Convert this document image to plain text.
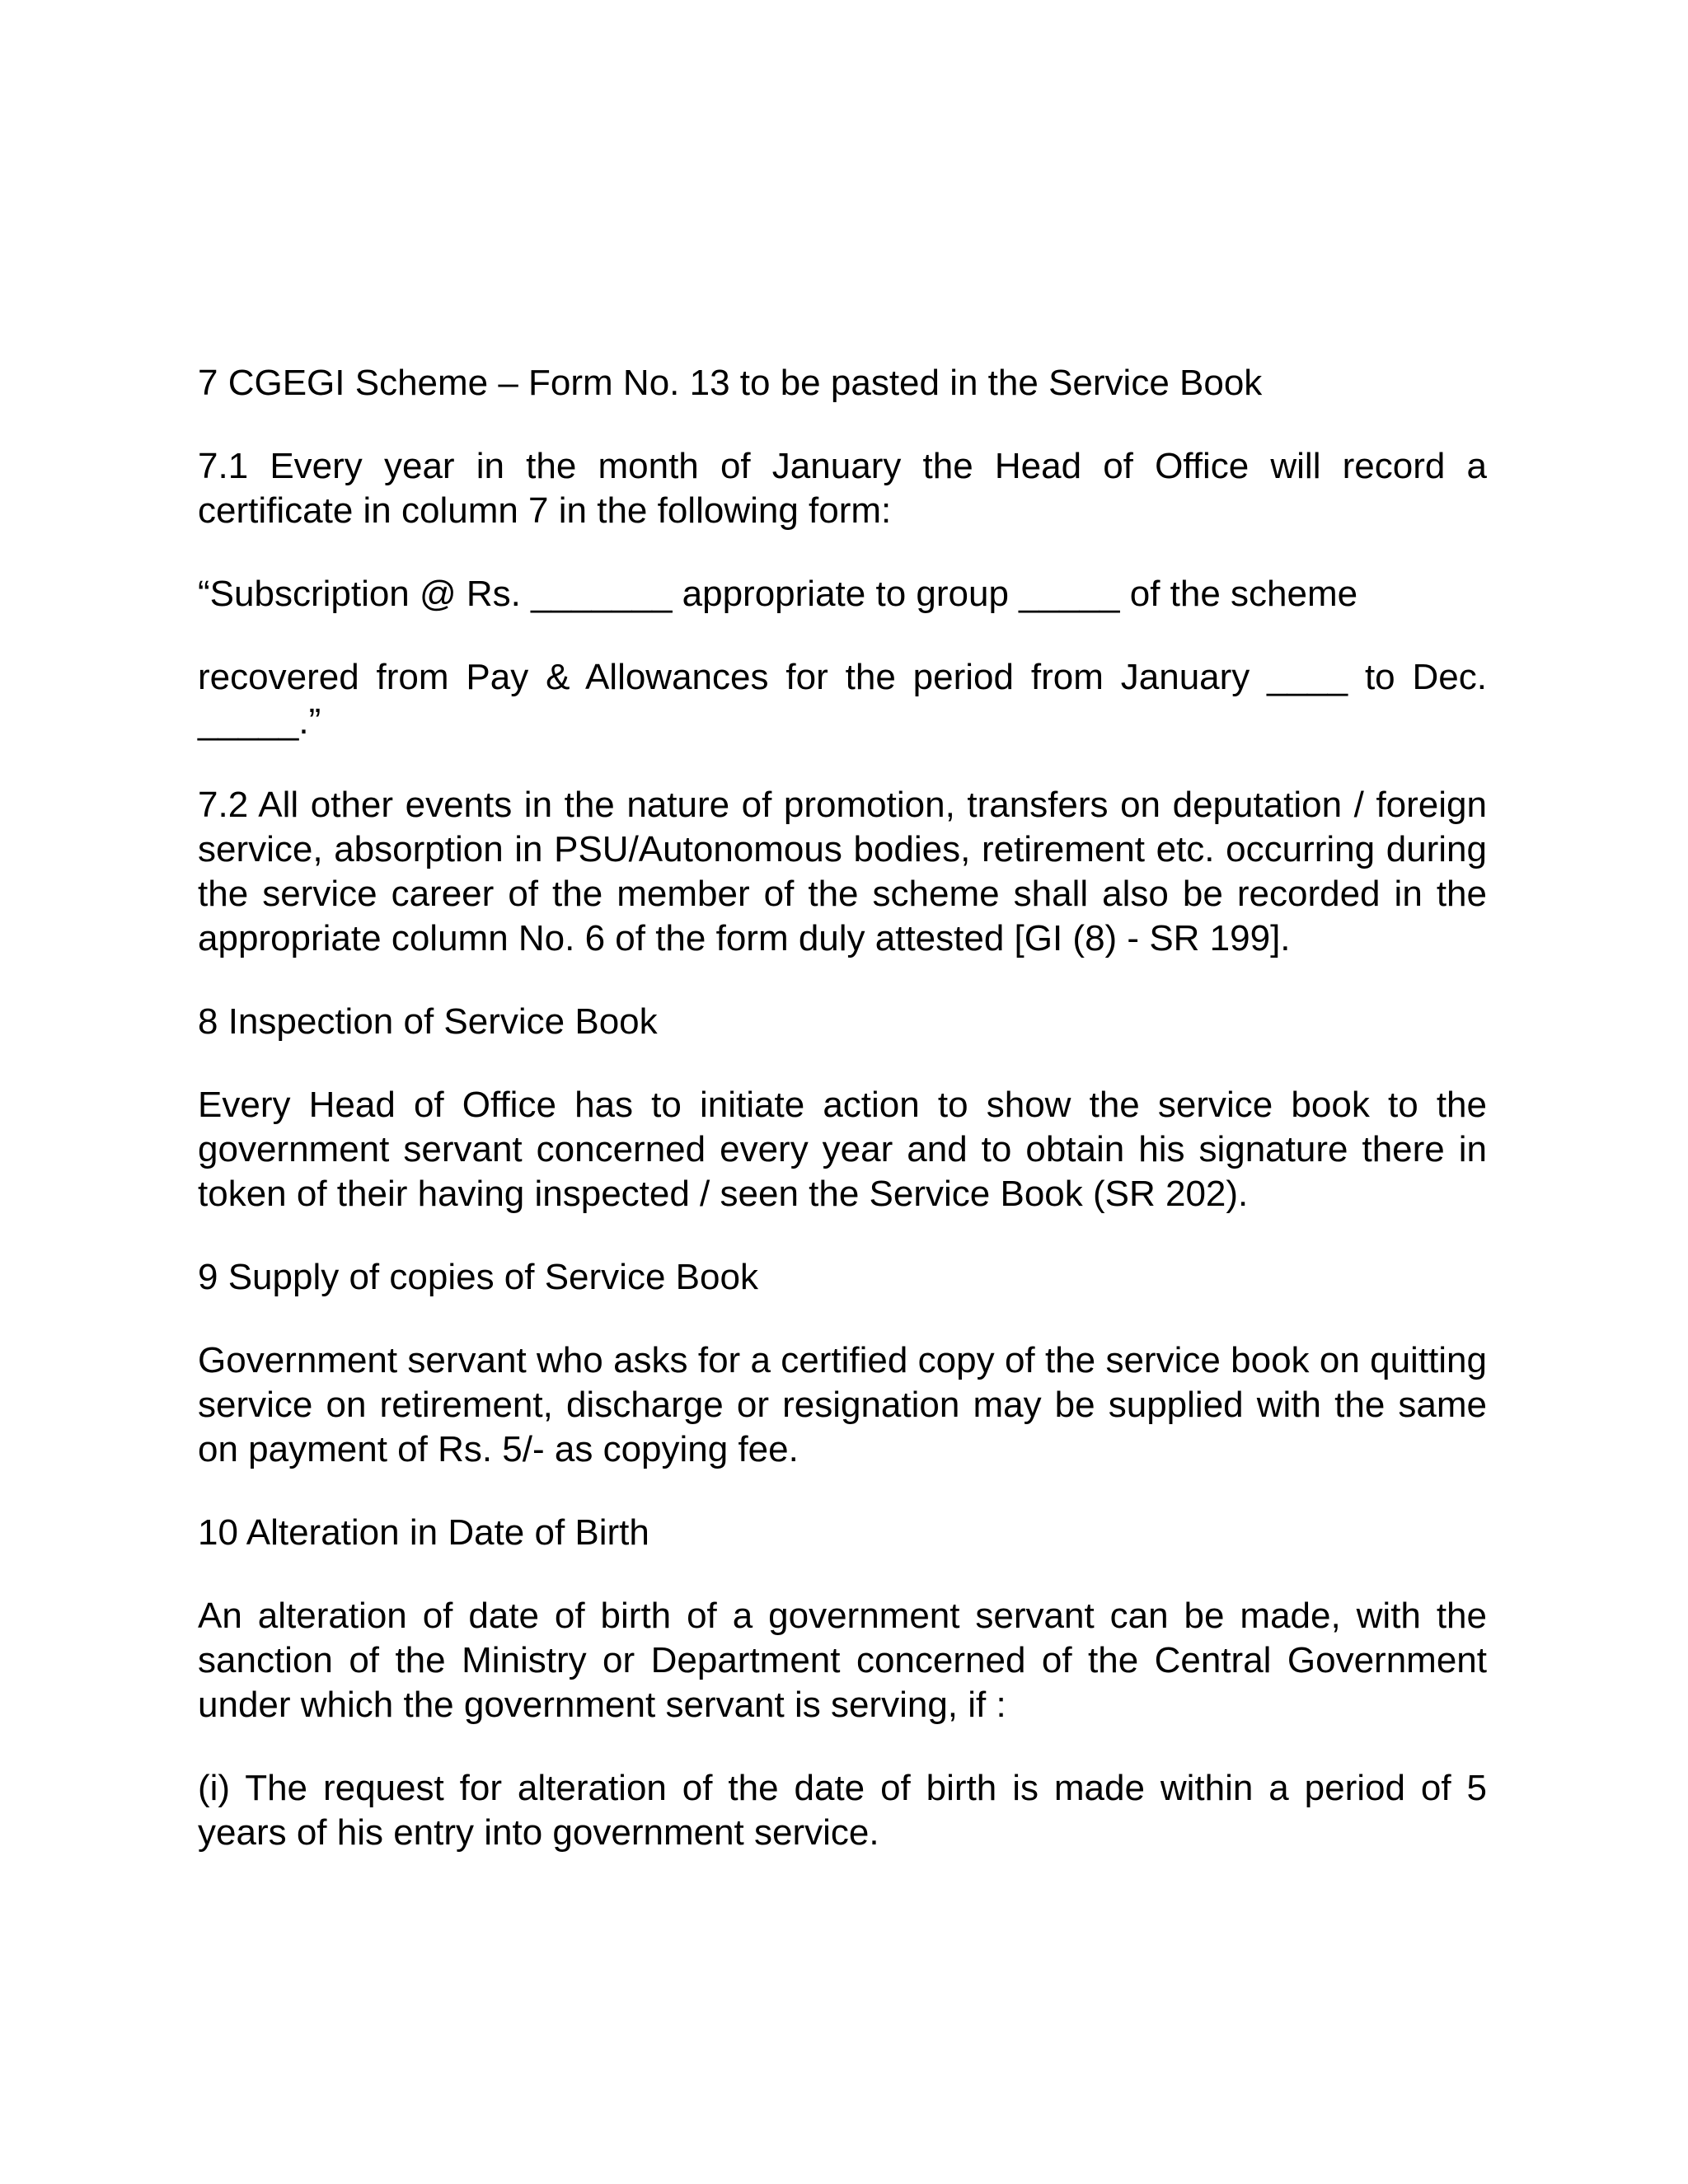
7 CGEGI Scheme – Form No. 13 to be pasted in the Service Book

7.1 Every year in the month of January the Head of Office will record a certificate in column 7 in the following form:

“Subscription @ Rs. _______ appropriate to group _____ of the scheme

recovered from Pay & Allowances for the period from January ____ to Dec. _____.”

7.2 All other events in the nature of promotion, transfers on deputation / foreign service, absorption in PSU/Autonomous bodies, retirement etc. occurring during the service career of the member of the scheme shall also be recorded in the appropriate column No. 6 of the form duly attested [GI (8) - SR 199].

8 Inspection of Service Book

Every Head of Office has to initiate action to show the service book to the government servant concerned every year and to obtain his signature there in token of their having inspected / seen the Service Book (SR 202).

9 Supply of copies of Service Book

Government servant who asks for a certified copy of the service book on quitting service on retirement, discharge or resignation may be supplied with the same on payment of Rs. 5/- as copying fee.

10 Alteration in Date of Birth

An alteration of date of birth of a government servant can be made, with the sanction of the Ministry or Department concerned of the Central Government under which the government servant is serving, if :

(i) The request for alteration of the date of birth is made within a period of 5 years of his entry into government service.
